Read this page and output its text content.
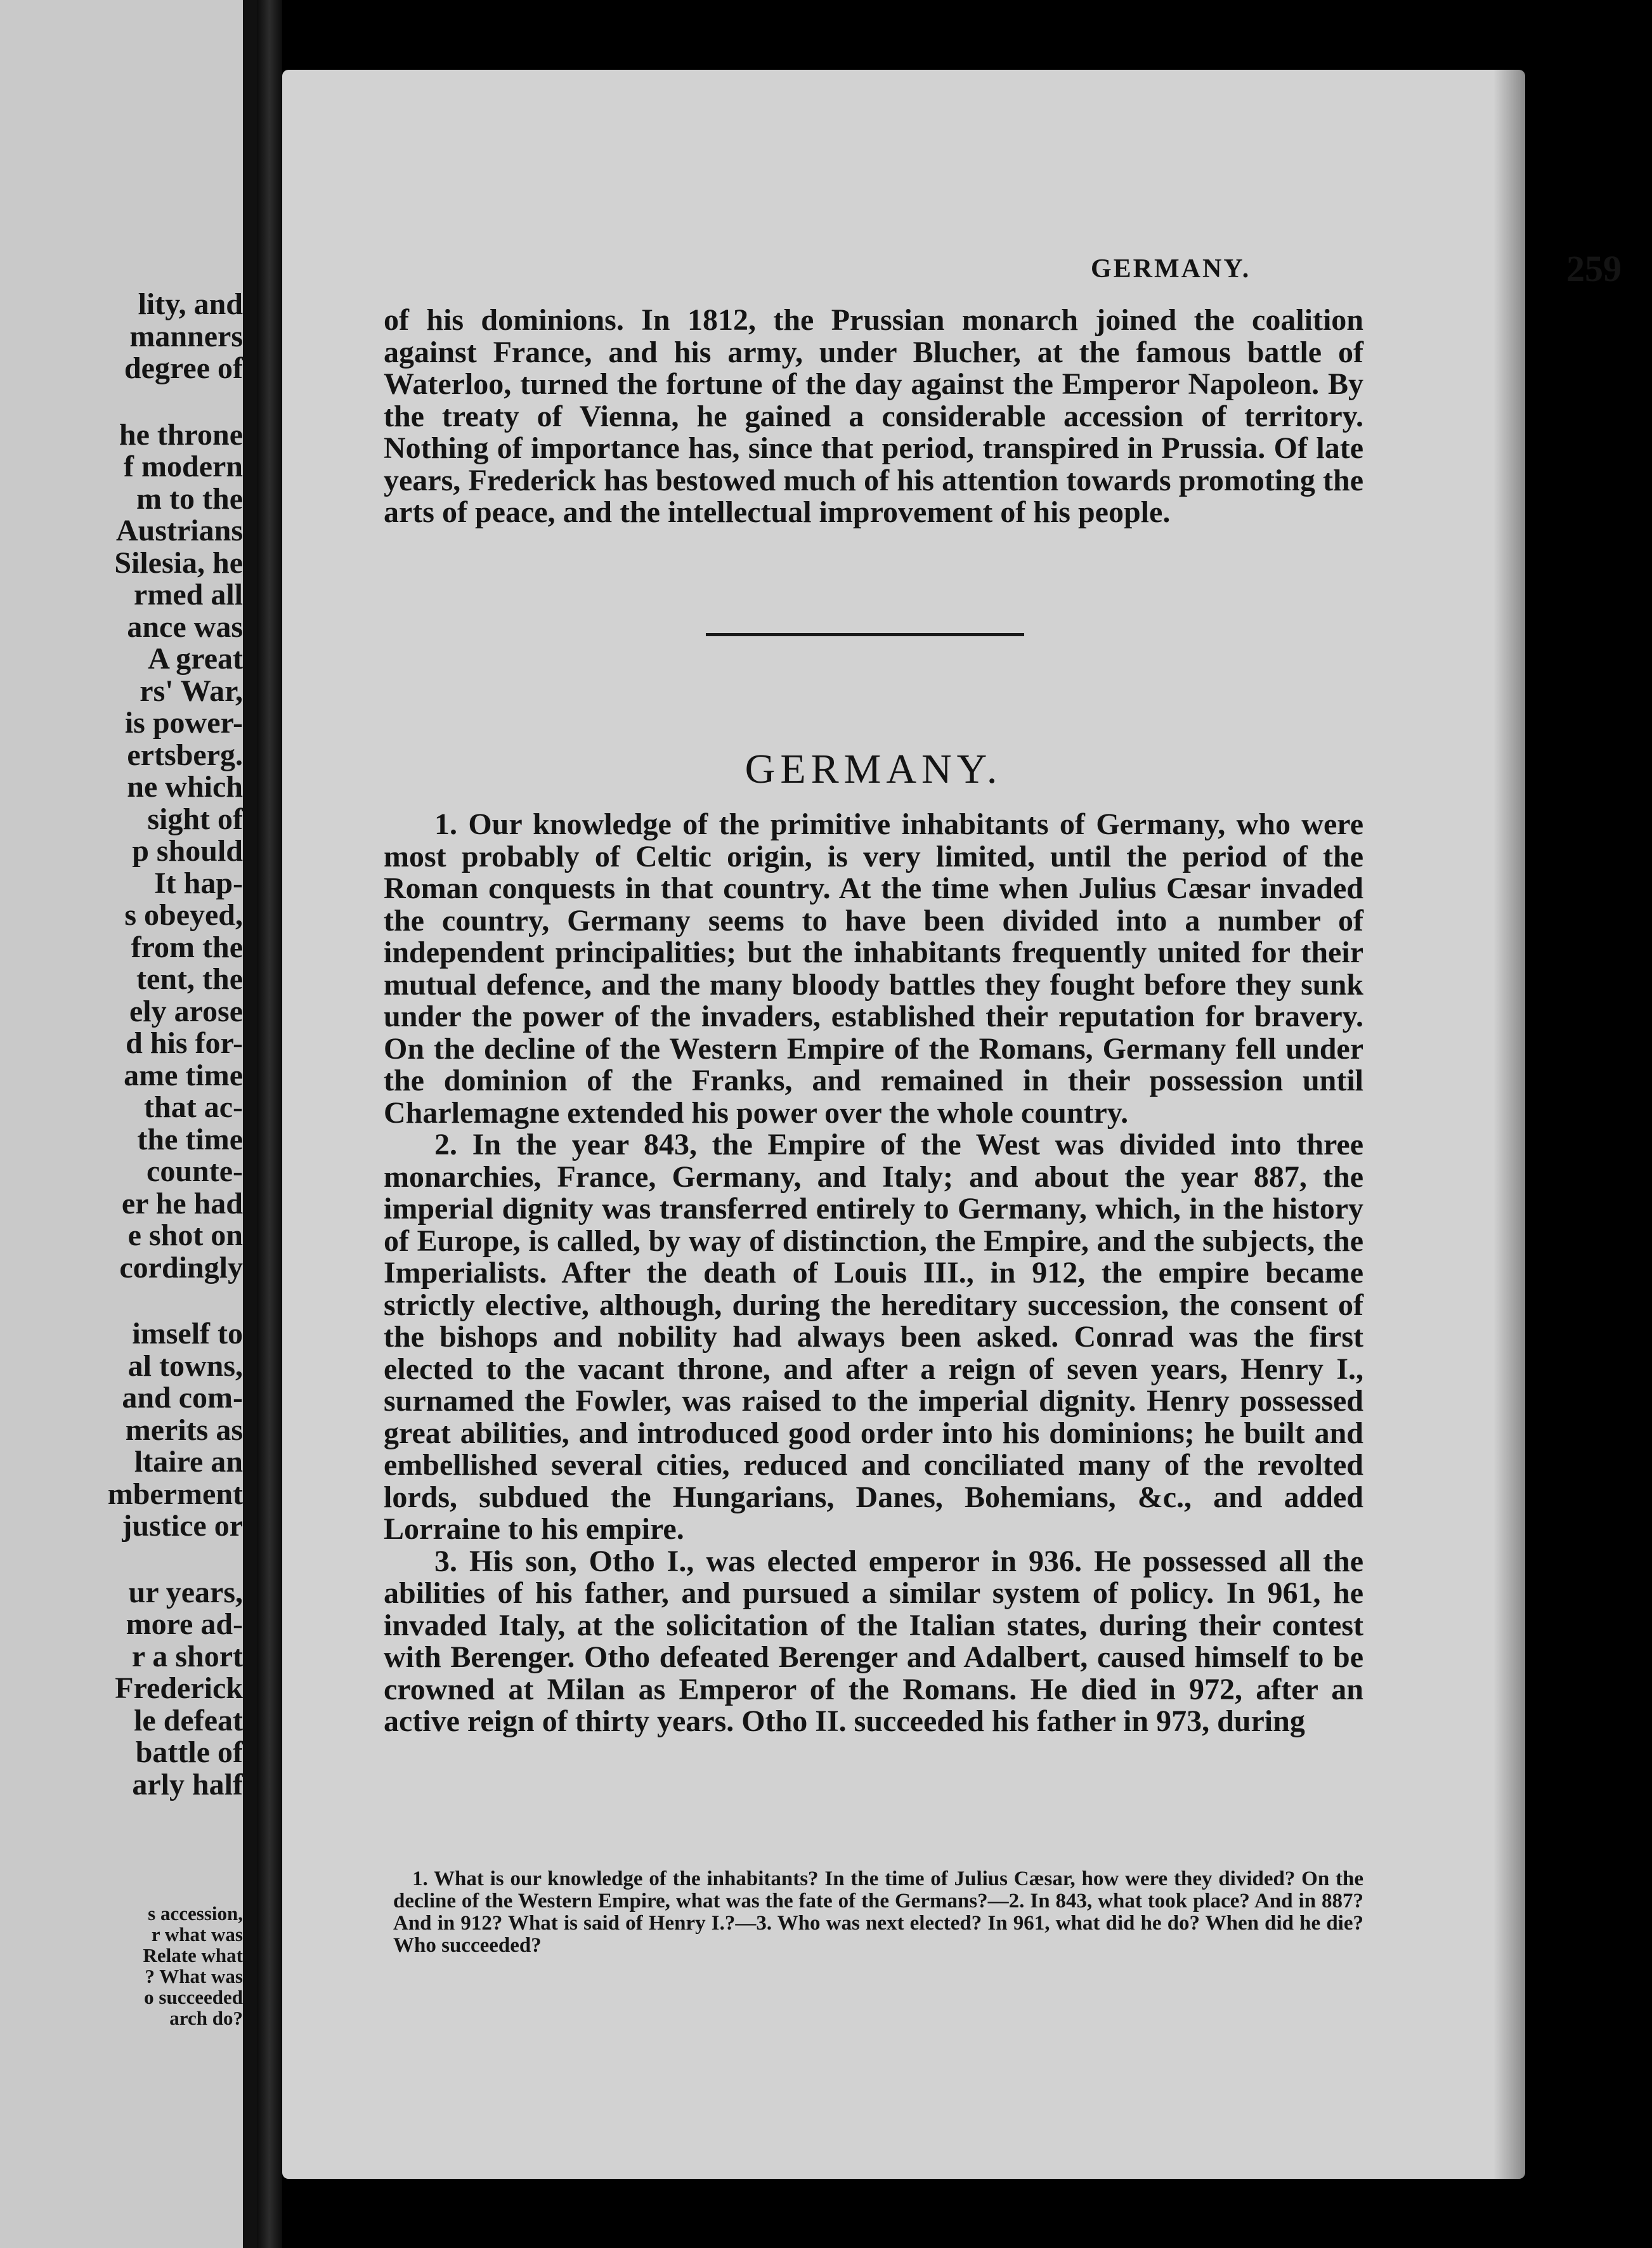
lity, and
manners
degree of
he throne
f modern
m to the
Austrians
Silesia, he
rmed all
ance was
A great
rs' War,
is power-
ertsberg.
ne which
sight of
p should
It hap-
s obeyed,
from the
tent, the
ely arose
d his for-
ame time
that ac-
the time
counte-
er he had
e shot on
cordingly
imself to
al towns,
and com-
merits as
ltaire an
mberment
justice or
ur years,
more ad-
r a short
Frederick
le defeat
battle of
arly half
s accession,
r what was
Relate what
? What was
o succeeded
arch do?
GERMANY.	259

of his dominions. In 1812, the Prussian monarch joined the coalition against France, and his army, under Blucher, at the famous battle of Waterloo, turned the fortune of the day against the Emperor Napoleon. By the treaty of Vienna, he gained a considerable accession of territory. Nothing of importance has, since that period, transpired in Prussia. Of late years, Frederick has bestowed much of his attention towards promoting the arts of peace, and the intellectual improvement of his people.

GERMANY.

1. Our knowledge of the primitive inhabitants of Germany, who were most probably of Celtic origin, is very limited, until the period of the Roman conquests in that country. At the time when Julius Cæsar invaded the country, Germany seems to have been divided into a number of independent principalities; but the inhabitants frequently united for their mutual defence, and the many bloody battles they fought before they sunk under the power of the invaders, established their reputation for bravery. On the decline of the Western Empire of the Romans, Germany fell under the dominion of the Franks, and remained in their possession until Charlemagne extended his power over the whole country.

2. In the year 843, the Empire of the West was divided into three monarchies, France, Germany, and Italy; and about the year 887, the imperial dignity was transferred entirely to Germany, which, in the history of Europe, is called, by way of distinction, the Empire, and the subjects, the Imperialists. After the death of Louis III., in 912, the empire became strictly elective, although, during the hereditary succession, the consent of the bishops and nobility had always been asked. Conrad was the first elected to the vacant throne, and after a reign of seven years, Henry I., surnamed the Fowler, was raised to the imperial dignity. Henry possessed great abilities, and introduced good order into his dominions; he built and embellished several cities, reduced and conciliated many of the revolted lords, subdued the Hungarians, Danes, Bohemians, &c., and added Lorraine to his empire.

3. His son, Otho I., was elected emperor in 936. He possessed all the abilities of his father, and pursued a similar system of policy. In 961, he invaded Italy, at the solicitation of the Italian states, during their contest with Berenger. Otho defeated Berenger and Adalbert, caused himself to be crowned at Milan as Emperor of the Romans. He died in 972, after an active reign of thirty years. Otho II. succeeded his father in 973, during

1. What is our knowledge of the inhabitants? In the time of Julius Cæsar, how were they divided? On the decline of the Western Empire, what was the fate of the Germans?—2. In 843, what took place? And in 887? And in 912? What is said of Henry I.?—3. Who was next elected? In 961, what did he do? When did he die? Who succeeded?
